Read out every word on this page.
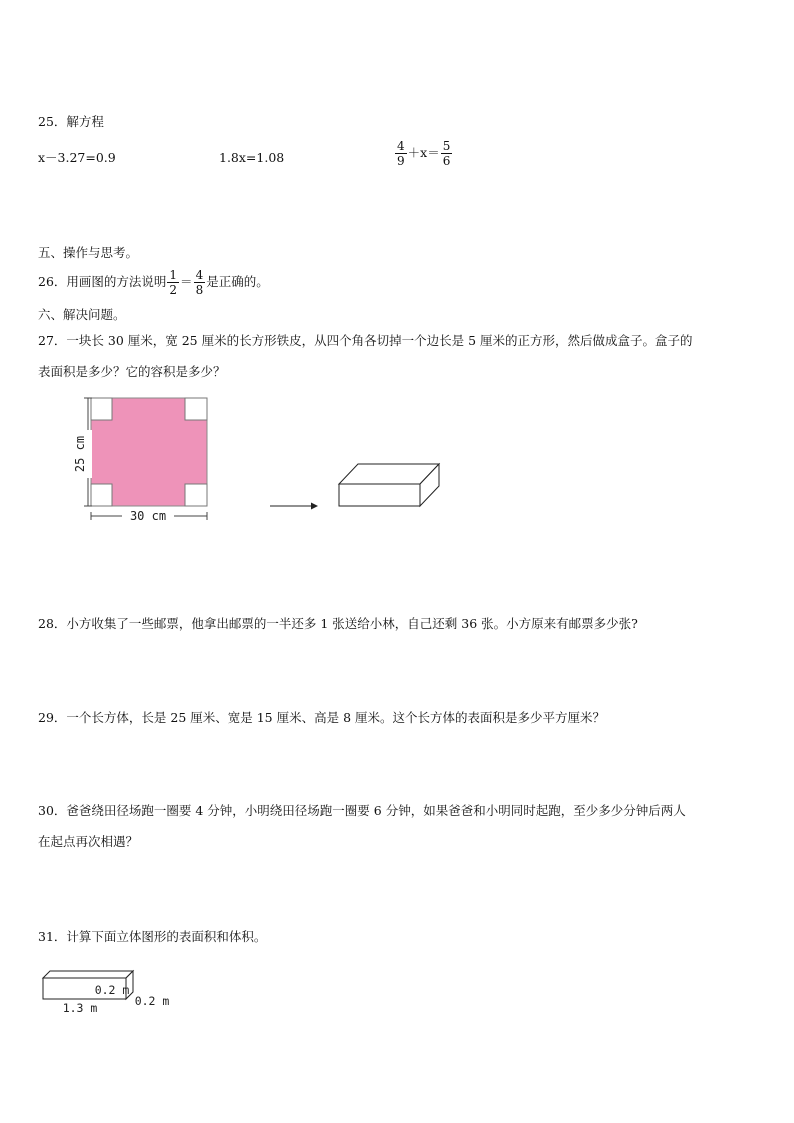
25．解方程
x－3.27=0.9	1.8x=1.08	$\frac{4}{9} +x= \frac{5}{6}$
五、操作与思考。
26．用画图的方法说明 $\frac{1}{2} = \frac{4}{8}$ 是正确的。
六、解决问题。
27．一块长 30 厘米，宽 25 厘米的长方形铁皮，从四个角各切掉一个边长是 5 厘米的正方形，然后做成盒子。盒子的
表面积是多少？它的容积是多少？
25 cm
30 cm
28．小方收集了一些邮票，他拿出邮票的一半还多 1 张送给小林，自己还剩 36 张。小方原来有邮票多少张?
29．一个长方体，长是 25 厘米、宽是 15 厘米、高是 8 厘米。这个长方体的表面积是多少平方厘米？
30．爸爸绕田径场跑一圈要 4 分钟，小明绕田径场跑一圈要 6 分钟，如果爸爸和小明同时起跑，至少多少分钟后两人
在起点再次相遇？
31．计算下面立体图形的表面积和体积。
0.2 m
0.2 m
1.3 m
